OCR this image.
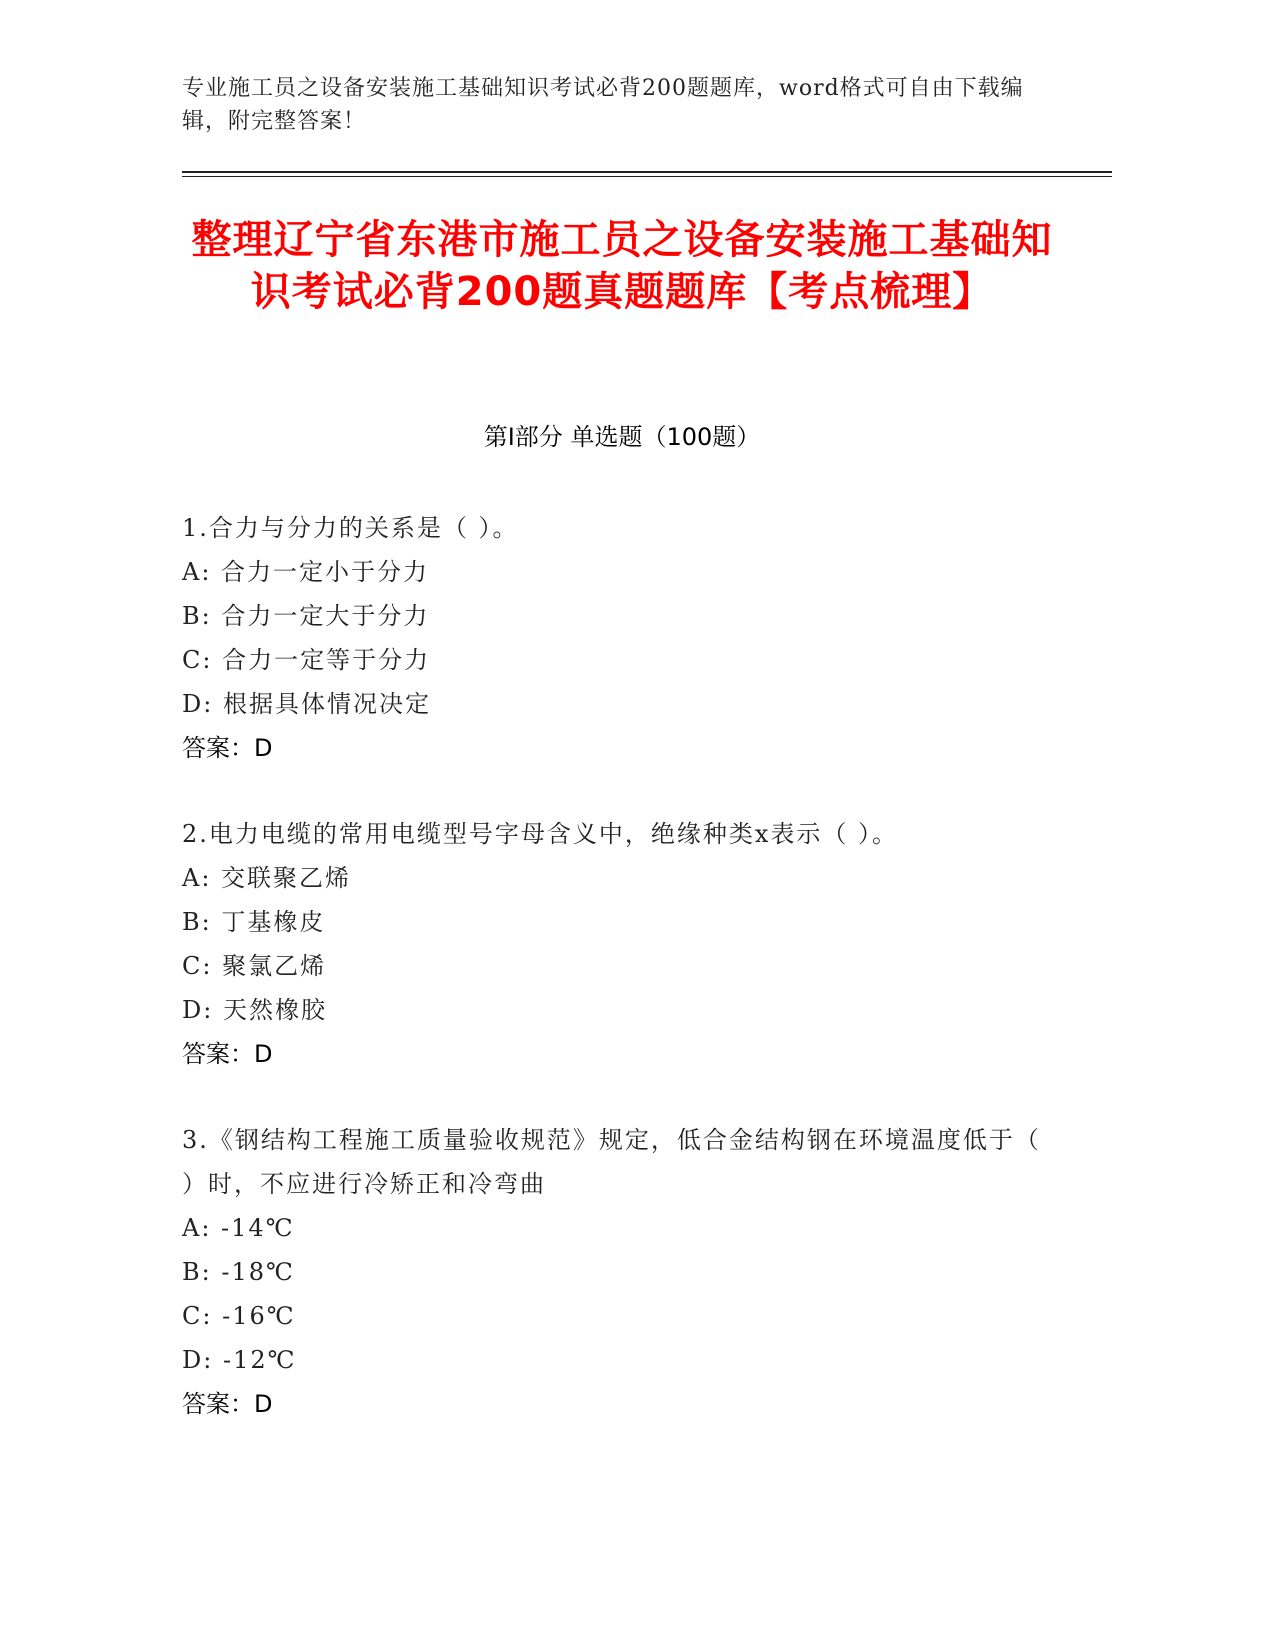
专业施工员之设备安装施工基础知识考试必背200题题库，word格式可自由下载编辑，附完整答案！
整理辽宁省东港市施工员之设备安装施工基础知识考试必背200题真题题库【考点梳理】
第I部分 单选题（100题）
1.合力与分力的关系是（ ）。
A: 合力一定小于分力
B: 合力一定大于分力
C: 合力一定等于分力
D: 根据具体情况决定
答案：D
2.电力电缆的常用电缆型号字母含义中，绝缘种类x表示（ ）。
A: 交联聚乙烯
B: 丁基橡皮
C: 聚氯乙烯
D: 天然橡胶
答案：D
3.《钢结构工程施工质量验收规范》规定，低合金结构钢在环境温度低于（ ）时，不应进行冷矫正和冷弯曲
A: -14℃
B: -18℃
C: -16℃
D: -12℃
答案：D
